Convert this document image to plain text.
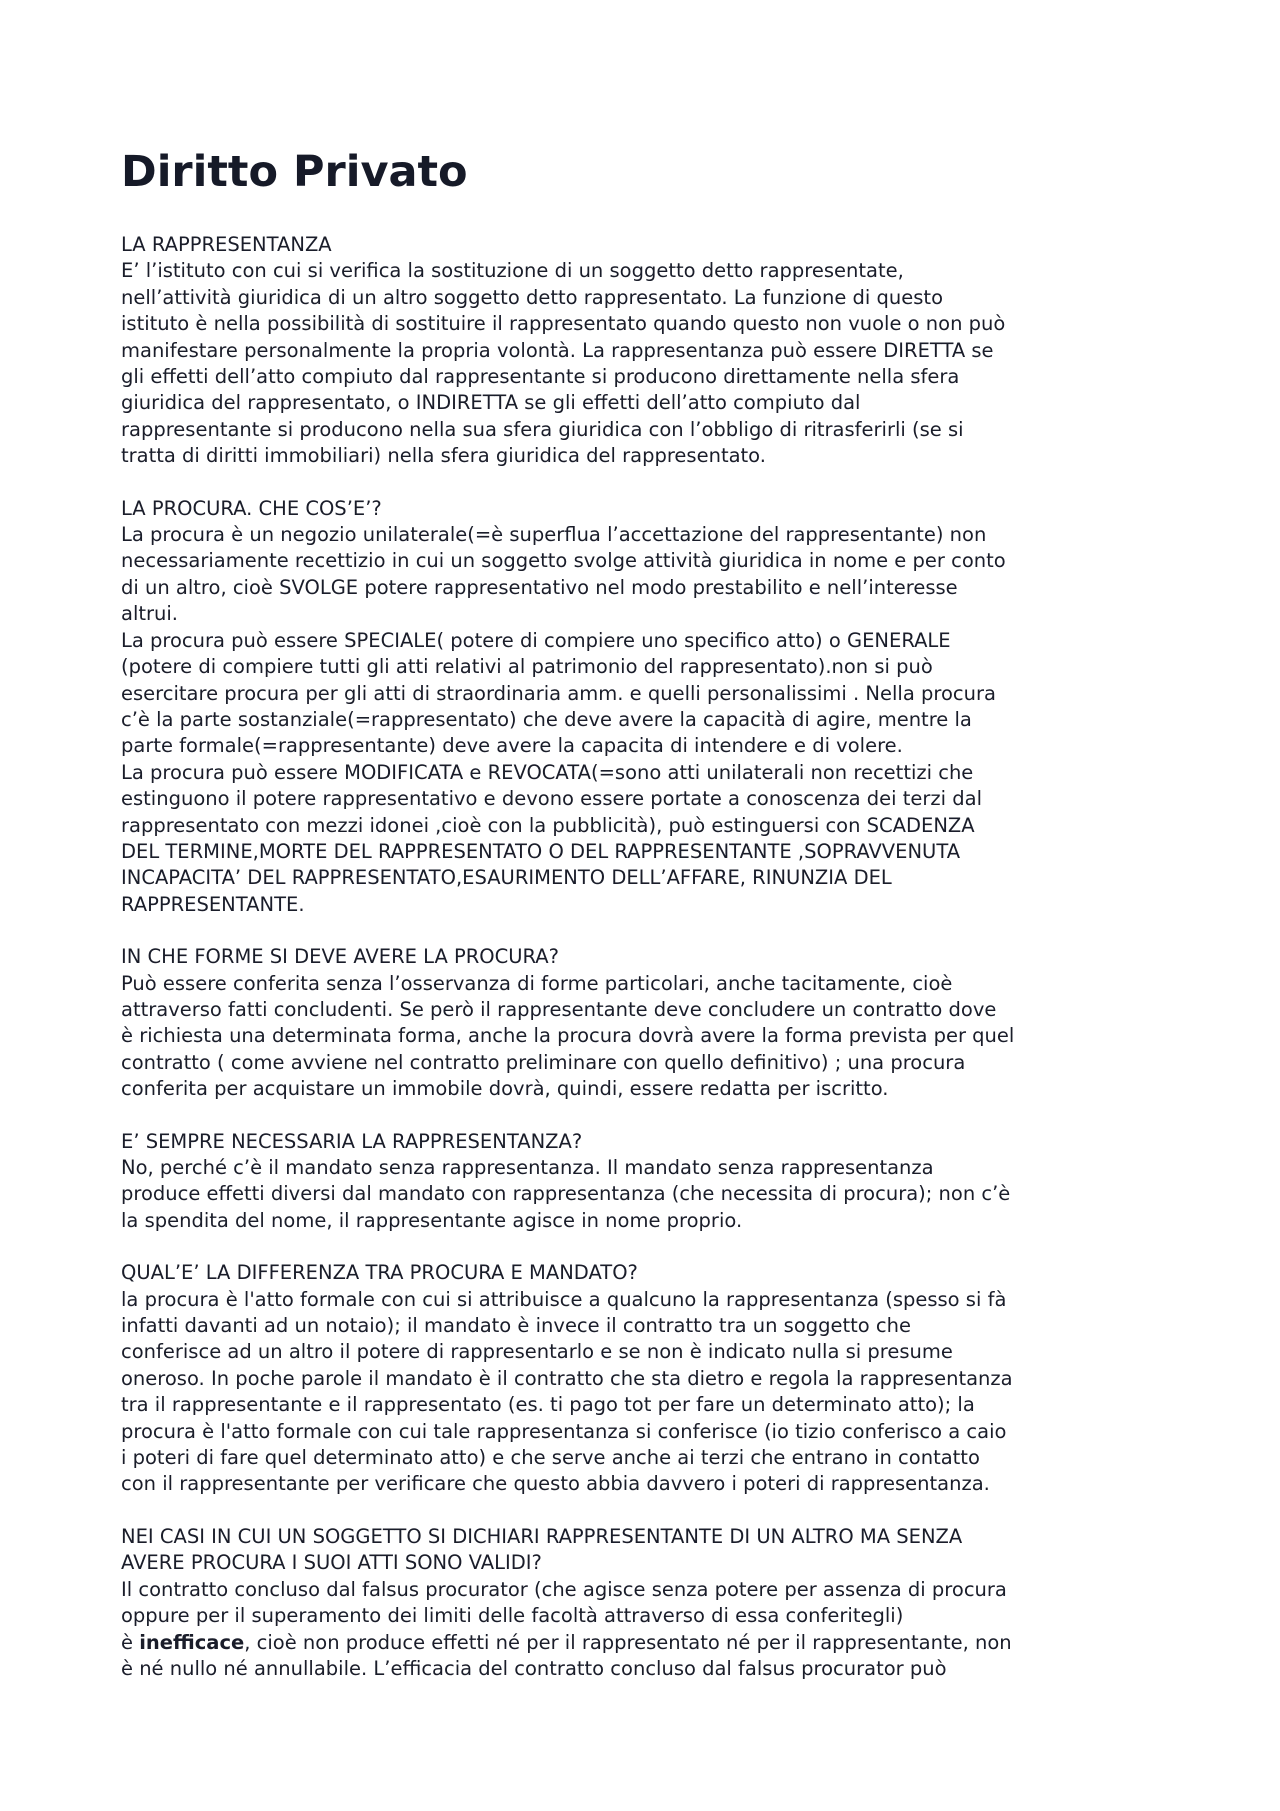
Diritto Privato

LA RAPPRESENTANZA

E’ l’istituto con cui si verifica la sostituzione di un soggetto detto rappresentate,
nell’attività giuridica di un altro soggetto detto rappresentato. La funzione di questo
istituto è nella possibilità di sostituire il rappresentato quando questo non vuole o non può
manifestare personalmente la propria volontà. La rappresentanza può essere DIRETTA se
gli effetti dell’atto compiuto dal rappresentante si producono direttamente nella sfera
giuridica del rappresentato, o INDIRETTA se gli effetti dell’atto compiuto dal
rappresentante si producono nella sua sfera giuridica con l’obbligo di ritrasferirli (se si
tratta di diritti immobiliari) nella sfera giuridica del rappresentato.

LA PROCURA. CHE COS’E’?

La procura è un negozio unilaterale(=è superflua l’accettazione del rappresentante) non
necessariamente recettizio in cui un soggetto svolge attività giuridica in nome e per conto
di un altro, cioè SVOLGE potere rappresentativo nel modo prestabilito e nell’interesse
altrui.

La procura può essere SPECIALE( potere di compiere uno specifico atto) o GENERALE
(potere di compiere tutti gli atti relativi al patrimonio del rappresentato).non si può
esercitare procura per gli atti di straordinaria amm. e quelli personalissimi . Nella procura
c’è la parte sostanziale(=rappresentato) che deve avere la capacità di agire, mentre la
parte formale(=rappresentante) deve avere la capacita di intendere e di volere.

La procura può essere MODIFICATA e REVOCATA(=sono atti unilaterali non recettizi che
estinguono il potere rappresentativo e devono essere portate a conoscenza dei terzi dal
rappresentato con mezzi idonei ,cioè con la pubblicità), può estinguersi con SCADENZA
DEL TERMINE,MORTE DEL RAPPRESENTATO O DEL RAPPRESENTANTE ,SOPRAVVENUTA
INCAPACITA’ DEL RAPPRESENTATO,ESAURIMENTO DELL’AFFARE, RINUNZIA DEL
RAPPRESENTANTE.

IN CHE FORME SI DEVE AVERE LA PROCURA?

Può essere conferita senza l’osservanza di forme particolari, anche tacitamente, cioè
attraverso fatti concludenti. Se però il rappresentante deve concludere un contratto dove
è richiesta una determinata forma, anche la procura dovrà avere la forma prevista per quel
contratto ( come avviene nel contratto preliminare con quello definitivo) ; una procura
conferita per acquistare un immobile dovrà, quindi, essere redatta per iscritto.

E’ SEMPRE NECESSARIA LA RAPPRESENTANZA?

No, perché c’è il mandato senza rappresentanza. Il mandato senza rappresentanza
produce effetti diversi dal mandato con rappresentanza (che necessita di procura); non c’è
la spendita del nome, il rappresentante agisce in nome proprio.

QUAL’E’ LA DIFFERENZA TRA PROCURA E MANDATO?

la procura è l'atto formale con cui si attribuisce a qualcuno la rappresentanza (spesso si fà
infatti davanti ad un notaio); il mandato è invece il contratto tra un soggetto che
conferisce ad un altro il potere di rappresentarlo e se non è indicato nulla si presume
oneroso. In poche parole il mandato è il contratto che sta dietro e regola la rappresentanza
tra il rappresentante e il rappresentato (es. ti pago tot per fare un determinato atto); la
procura è l'atto formale con cui tale rappresentanza si conferisce (io tizio conferisco a caio
i poteri di fare quel determinato atto) e che serve anche ai terzi che entrano in contatto
con il rappresentante per verificare che questo abbia davvero i poteri di rappresentanza.

NEI CASI IN CUI UN SOGGETTO SI DICHIARI RAPPRESENTANTE DI UN ALTRO MA SENZA
AVERE PROCURA I SUOI ATTI SONO VALIDI?

Il contratto concluso dal falsus procurator (che agisce senza potere per assenza di procura
oppure per il superamento dei limiti delle facoltà attraverso di essa conferitegli)

è inefficace, cioè non produce effetti né per il rappresentato né per il rappresentante, non
è né nullo né annullabile. L’efficacia del contratto concluso dal falsus procurator può
